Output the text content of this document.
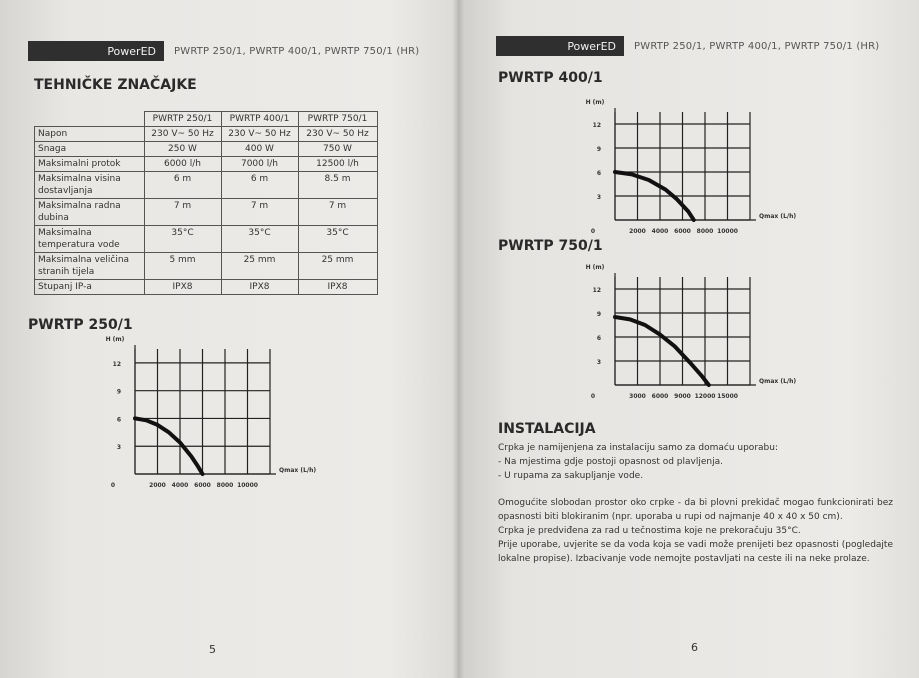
PowerED	PWRTP 250/1, PWRTP 400/1, PWRTP 750/1 (HR)
TEHNIČKE ZNAČAJKE
	PWRTP 250/1	PWRTP 400/1	PWRTP 750/1
Napon	230 V~ 50 Hz	230 V~ 50 Hz	230 V~ 50 Hz
Snaga	250 W	400 W	750 W
Maksimalni protok	6000 l/h	7000 l/h	12500 l/h
Maksimalna visina dostavljanja	6 m	6 m	8.5 m
Maksimalna radna dubina	7 m	7 m	7 m
Maksimalna temperatura vode	35°C	35°C	35°C
Maksimalna veličina stranih tijela	5 mm	25 mm	25 mm
Stupanj IP-a	IPX8	IPX8	IPX8
PWRTP 250/1
3
6
9
12
0	2000 4000 6000 8000 10000
H (m)
Qmax (L/h)
5
PowerED	PWRTP 250/1, PWRTP 400/1, PWRTP 750/1 (HR)
PWRTP 400/1
3
6
9
12
0	2000 4000 6000 8000 10000
H (m)
Qmax (L/h)
PWRTP 750/1
3
6
9
12
0	3000 6000 9000 12000 15000
H (m)
Qmax (L/h)
INSTALACIJA

Crpka je namijenjena za instalaciju samo za domaću uporabu:

- Na mjestima gdje postoji opasnost od plavljenja.

- U rupama za sakupljanje vode.

Omogućite slobodan prostor oko crpke - da bi plovni prekidač mogao funkcionirati bez opasnosti biti blokiranim (npr. uporaba u rupi od najmanje 40 x 40 x 50 cm).

Crpka je predviđena za rad u tečnostima koje ne prekoračuju 35°C.

Prije uporabe, uvjerite se da voda koja se vadi može prenijeti bez opasnosti (pogledajte lokalne propise). Izbacivanje vode nemojte postavljati na ceste ili na neke prolaze.

6
